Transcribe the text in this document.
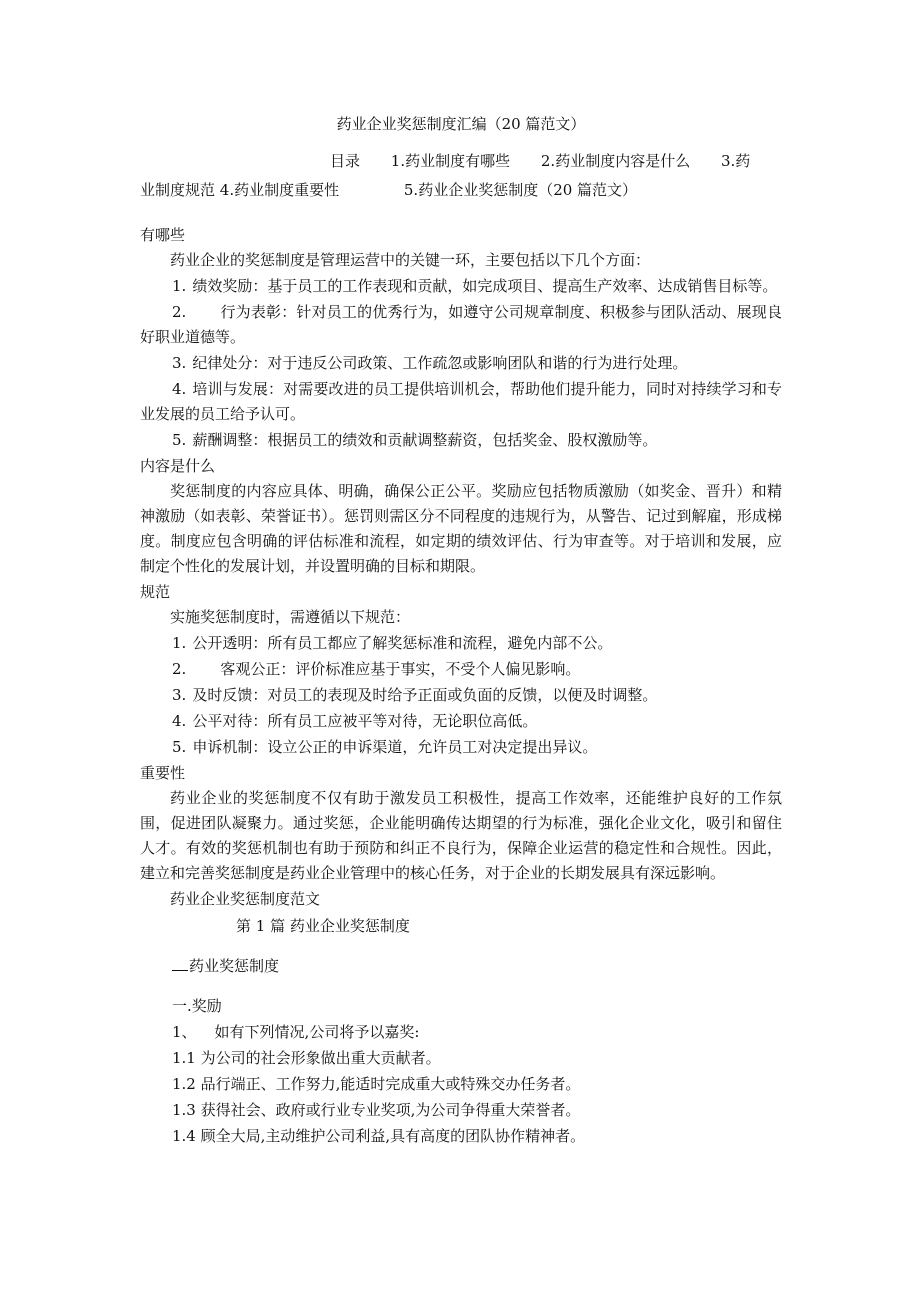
药业企业奖惩制度汇编（20 篇范文）

目录 1.药业制度有哪些 2.药业制度内容是什么 3.药
业制度规范 4.药业制度重要性	5.药业企业奖惩制度（20 篇范文）

有哪些

药业企业的奖惩制度是管理运营中的关键一环，主要包括以下几个方面：

1. 绩效奖励：基于员工的工作表现和贡献，如完成项目、提高生产效率、达成销售目标等。

2. 行为表彰：针对员工的优秀行为，如遵守公司规章制度、积极参与团队活动、展现良好职业道德等。

3. 纪律处分：对于违反公司政策、工作疏忽或影响团队和谐的行为进行处理。

4. 培训与发展：对需要改进的员工提供培训机会，帮助他们提升能力，同时对持续学习和专业发展的员工给予认可。

5. 薪酬调整：根据员工的绩效和贡献调整薪资，包括奖金、股权激励等。

内容是什么

奖惩制度的内容应具体、明确，确保公正公平。奖励应包括物质激励（如奖金、晋升）和精神激励（如表彰、荣誉证书）。惩罚则需区分不同程度的违规行为，从警告、记过到解雇，形成梯度。制度应包含明确的评估标准和流程，如定期的绩效评估、行为审查等。对于培训和发展，应制定个性化的发展计划，并设置明确的目标和期限。

规范

实施奖惩制度时，需遵循以下规范：

1. 公开透明：所有员工都应了解奖惩标准和流程，避免内部不公。

2. 客观公正：评价标准应基于事实，不受个人偏见影响。

3. 及时反馈：对员工的表现及时给予正面或负面的反馈，以便及时调整。

4. 公平对待：所有员工应被平等对待，无论职位高低。

5. 申诉机制：设立公正的申诉渠道，允许员工对决定提出异议。

重要性

药业企业的奖惩制度不仅有助于激发员工积极性，提高工作效率，还能维护良好的工作氛围，促进团队凝聚力。通过奖惩，企业能明确传达期望的行为标准，强化企业文化，吸引和留住人才。有效的奖惩机制也有助于预防和纠正不良行为，保障企业运营的稳定性和合规性。因此，建立和完善奖惩制度是药业企业管理中的核心任务，对于企业的长期发展具有深远影响。

药业企业奖惩制度范文

第 1 篇 药业企业奖惩制度

药业奖惩制度

一.奖励

1、 如有下列情况,公司将予以嘉奖:

1.1 为公司的社会形象做出重大贡献者。

1.2 品行端正、工作努力,能适时完成重大或特殊交办任务者。

1.3 获得社会、政府或行业专业奖项,为公司争得重大荣誉者。

1.4 顾全大局,主动维护公司利益,具有高度的团队协作精神者。
